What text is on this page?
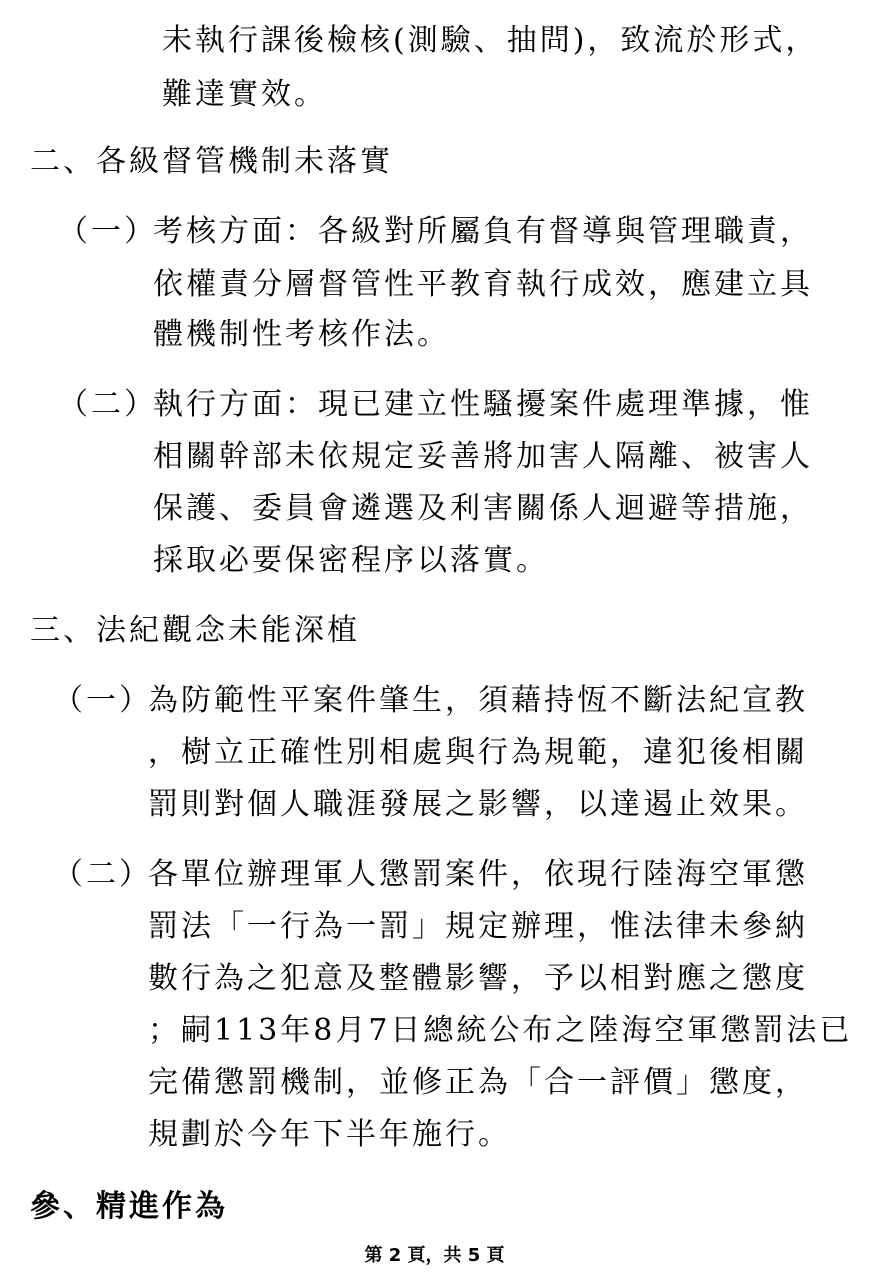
未執行課後檢核(測驗、抽問)，致流於形式，

難達實效。

二、各級督管機制未落實
（一）

考核方面：各級對所屬負有督導與管理職責，

依權責分層督管性平教育執行成效，應建立具

體機制性考核作法。

（二）

執行方面：現已建立性騷擾案件處理準據，惟

相關幹部未依規定妥善將加害人隔離、被害人

保護、委員會遴選及利害關係人迴避等措施，

採取必要保密程序以落實。

三、法紀觀念未能深植
（一）

為防範性平案件肇生，須藉持恆不斷法紀宣教

，樹立正確性別相處與行為規範，違犯後相關

罰則對個人職涯發展之影響，以達遏止效果。

（二）

各單位辦理軍人懲罰案件，依現行陸海空軍懲

罰法「一行為一罰」規定辦理，惟法律未參納

數行為之犯意及整體影響，予以相對應之懲度

；嗣113年8月7日總統公布之陸海空軍懲罰法已

完備懲罰機制，並修正為「合一評價」懲度，

規劃於今年下半年施行。

參、精進作為
第 2 頁，共 5 頁
